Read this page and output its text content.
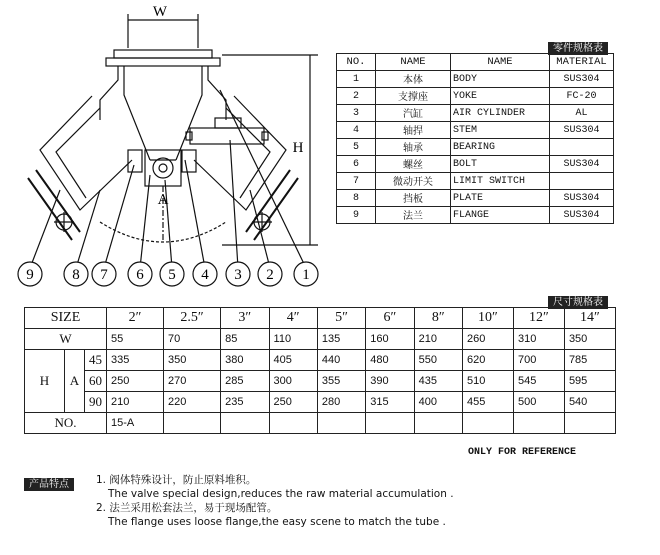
W
H
A
9	8 7 6 5 4 3 2 1
零件规格表
NO.	NAME	NAME	MATERIAL
1	本体	BODY	SUS304
2	支撑座	YOKE	FC-20
3	汽缸	AIR CYLINDER	AL
4	轴捍	STEM	SUS304
5	轴承	BEARING	
6	螺丝	BOLT	SUS304
7	微动开关	LIMIT SWITCH	
8	挡板	PLATE	SUS304
9	法兰	FLANGE	SUS304
尺寸规格表
SIZE			2″	2.5″	3″	4″	5″	6″	8″	10″	12″	14″
W			55	70	85	110	135	160	210	260	310	350
H	A	45	335	350	380	405	440	480	550	620	700	785
		60	250	270	285	300	355	390	435	510	545	595
		90	210	220	235	250	280	315	400	455	500	540
NO.			15-A									
ONLY FOR REFERENCE
产品特点	1. 阀体特殊设计，防止原料堆积。
The valve special design,reduces the raw material accumulation .
2. 法兰采用松套法兰，易于现场配管。
The flange uses loose flange,the easy scene to match the tube .
